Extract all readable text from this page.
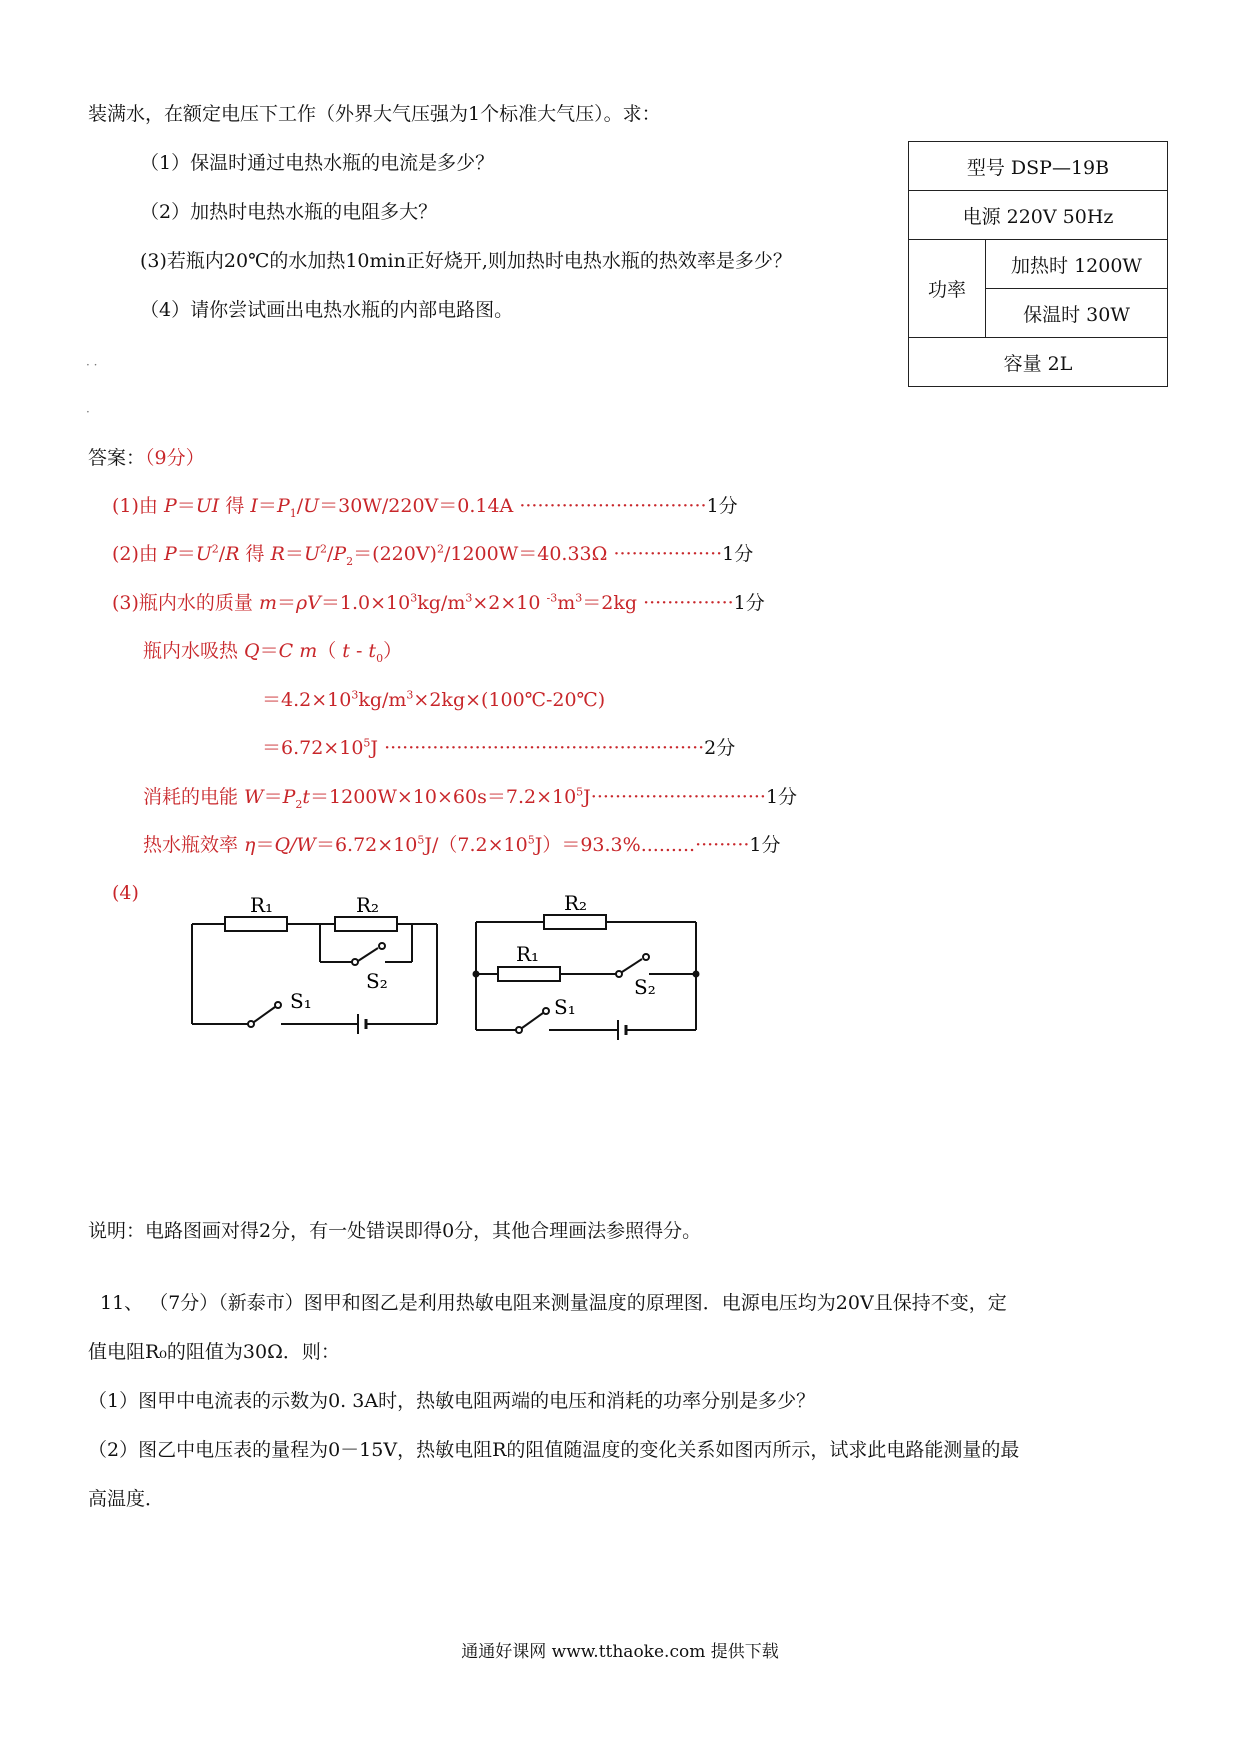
装满水，在额定电压下工作（外界大气压强为1个标准大气压）。求：
（1）保温时通过电热水瓶的电流是多少？
（2）加热时电热水瓶的电阻多大？
(3)若瓶内20℃的水加热10min正好烧开,则加热时电热水瓶的热效率是多少？
（4）请你尝试画出电热水瓶的内部电路图。
· ·
·
型号 DSP—19B
电源 220V 50Hz
功率	加热时 1200W
保温时 30W
容量 2L
答案：（9分）
(1)由 P＝UI 得 $I=P_1/U=30W/220V=0.14A \cdot\cdot\cdot\cdot\cdot\cdot\cdot\cdot\cdot\cdot\cdot\cdot\cdot\cdot\cdot\cdot\cdot\cdot\cdot\cdot\cdot\cdot\cdot\cdot\cdot\cdot\cdot\cdot\cdot\cdot\cdot 1$分
(2)由 $P=U^2/R$ 得 $R=U^2/P_2=(220V)^2/1200W=40.33\Omega \cdot\cdot\cdot\cdot\cdot\cdot\cdot\cdot\cdot\cdot\cdot\cdot\cdot\cdot\cdot\cdot\cdot\cdot 1$分
(3)瓶内水的质量 $m=\rho V=1.0\times 10^3kg/m^3\times 2\times 10$ $^{-3}m^3=2kg \cdot\cdot\cdot\cdot\cdot\cdot\cdot\cdot\cdot\cdot\cdot\cdot\cdot\cdot\cdot 1$分
瓶内水吸热 Q＝C m（ t - $t_0$）
$=4.2\times 10^3kg/m^3\times 2kg\times(100℃-20℃)$
$=6.72\times 10^5J \cdot\cdot\cdot\cdot\cdot\cdot\cdot\cdot\cdot\cdot\cdot\cdot\cdot\cdot\cdot\cdot\cdot\cdot\cdot\cdot\cdot\cdot\cdot\cdot\cdot\cdot\cdot\cdot\cdot\cdot\cdot\cdot\cdot\cdot\cdot\cdot\cdot\cdot\cdot\cdot\cdot\cdot\cdot\cdot\cdot\cdot\cdot\cdot\cdot\cdot\cdot\cdot\cdot 2$分
消耗的电能 $W=P_2t=1200W\times 10\times 60s=7.2\times 10^5J\cdot\cdot\cdot\cdot\cdot\cdot\cdot\cdot\cdot\cdot\cdot\cdot\cdot\cdot\cdot\cdot\cdot\cdot\cdot\cdot\cdot\cdot\cdot\cdot\cdot\cdot\cdot\cdot\cdot 1$分
热水瓶效率 $\eta=Q/W=6.72\times 10^5J/(7.2\times 10^5J)=93.3\%.........\cdot\cdot\cdot\cdot\cdot\cdot\cdot\cdot\cdot 1$分
(4)	R₁	R₂
S₂
S₁
R₂
R₁
S₂
S₁
说明：电路图画对得2分，有一处错误即得0分，其他合理画法参照得分。
11、 （7分）（新泰市）图甲和图乙是利用热敏电阻来测量温度的原理图．电源电压均为20V且保持不变，定
值电阻R₀的阻值为30Ω．则：
（1）图甲中电流表的示数为0. 3A时，热敏电阻两端的电压和消耗的功率分别是多少？
（2）图乙中电压表的量程为0－15V，热敏电阻R的阻值随温度的变化关系如图丙所示，试求此电路能测量的最
高温度．
通通好课网 www.tthaoke.com 提供下载
